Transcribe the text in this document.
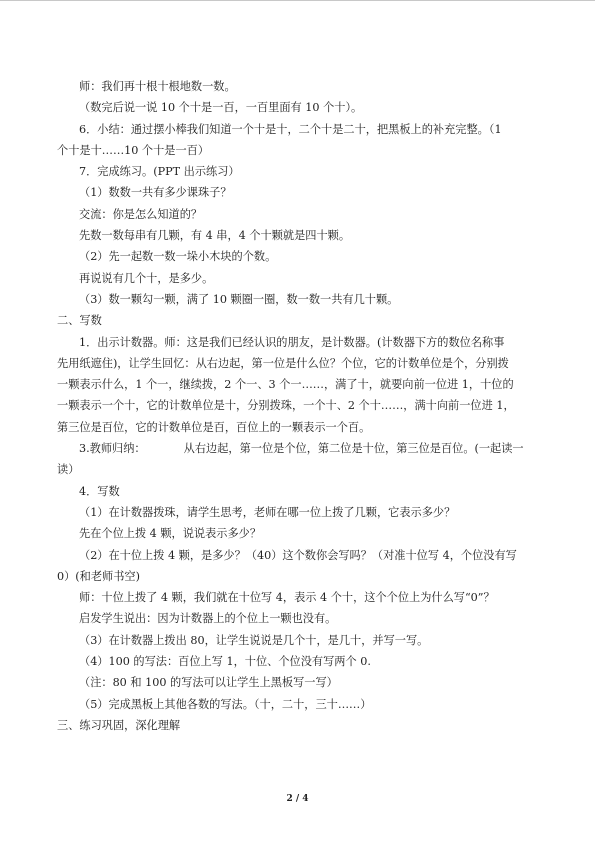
师：我们再十根十根地数一数。
（数完后说一说 10 个十是一百，一百里面有 10 个十）。
6．小结：通过摆小棒我们知道一个十是十，二个十是二十，把黑板上的补充完整。（1
个十是十……10 个十是一百）
7．完成练习。(PPT 出示练习）
（1）数数一共有多少课珠子？
交流：你是怎么知道的？
先数一数每串有几颗，有 4 串，4 个十颗就是四十颗。
（2）先一起数一数一垛小木块的个数。
再说说有几个十，是多少。
（3）数一颗勾一颗，满了 10 颗圈一圈，数一数一共有几十颗。
二、写数
1．出示计数器。师：这是我们已经认识的朋友，是计数器。(计数器下方的数位名称事
先用纸遮住)，让学生回忆：从右边起，第一位是什么位？个位，它的计数单位是个，分别拨
一颗表示什么，1 个一，继续拨，2 个一、3 个一……，满了十，就要向前一位进 1，十位的
一颗表示一个十，它的计数单位是十，分别拨珠，一个十、2 个十……，满十向前一位进 1，
第三位是百位，它的计数单位是百，百位上的一颗表示一个百。
3.教师归纳：	从右边起，第一位是个位，第二位是十位，第三位是百位。(一起读一
读）
4．写数
（1）在计数器拨珠，请学生思考，老师在哪一位上拨了几颗，它表示多少？
先在个位上拨 4 颗，说说表示多少？
（2）在十位上拨 4 颗，是多少？（40）这个数你会写吗？（对准十位写 4，个位没有写
0）(和老师书空)
师：十位上拨了 4 颗，我们就在十位写 4，表示 4 个十，这个个位上为什么写“0”？
启发学生说出：因为计数器上的个位上一颗也没有。
（3）在计数器上拨出 80，让学生说说是几个十，是几十，并写一写。
（4）100 的写法：百位上写 1，十位、个位没有写两个 0.
（注：80 和 100 的写法可以让学生上黑板写一写）
（5）完成黑板上其他各数的写法。（十，二十，三十……）
三、练习巩固，深化理解
2 / 4
